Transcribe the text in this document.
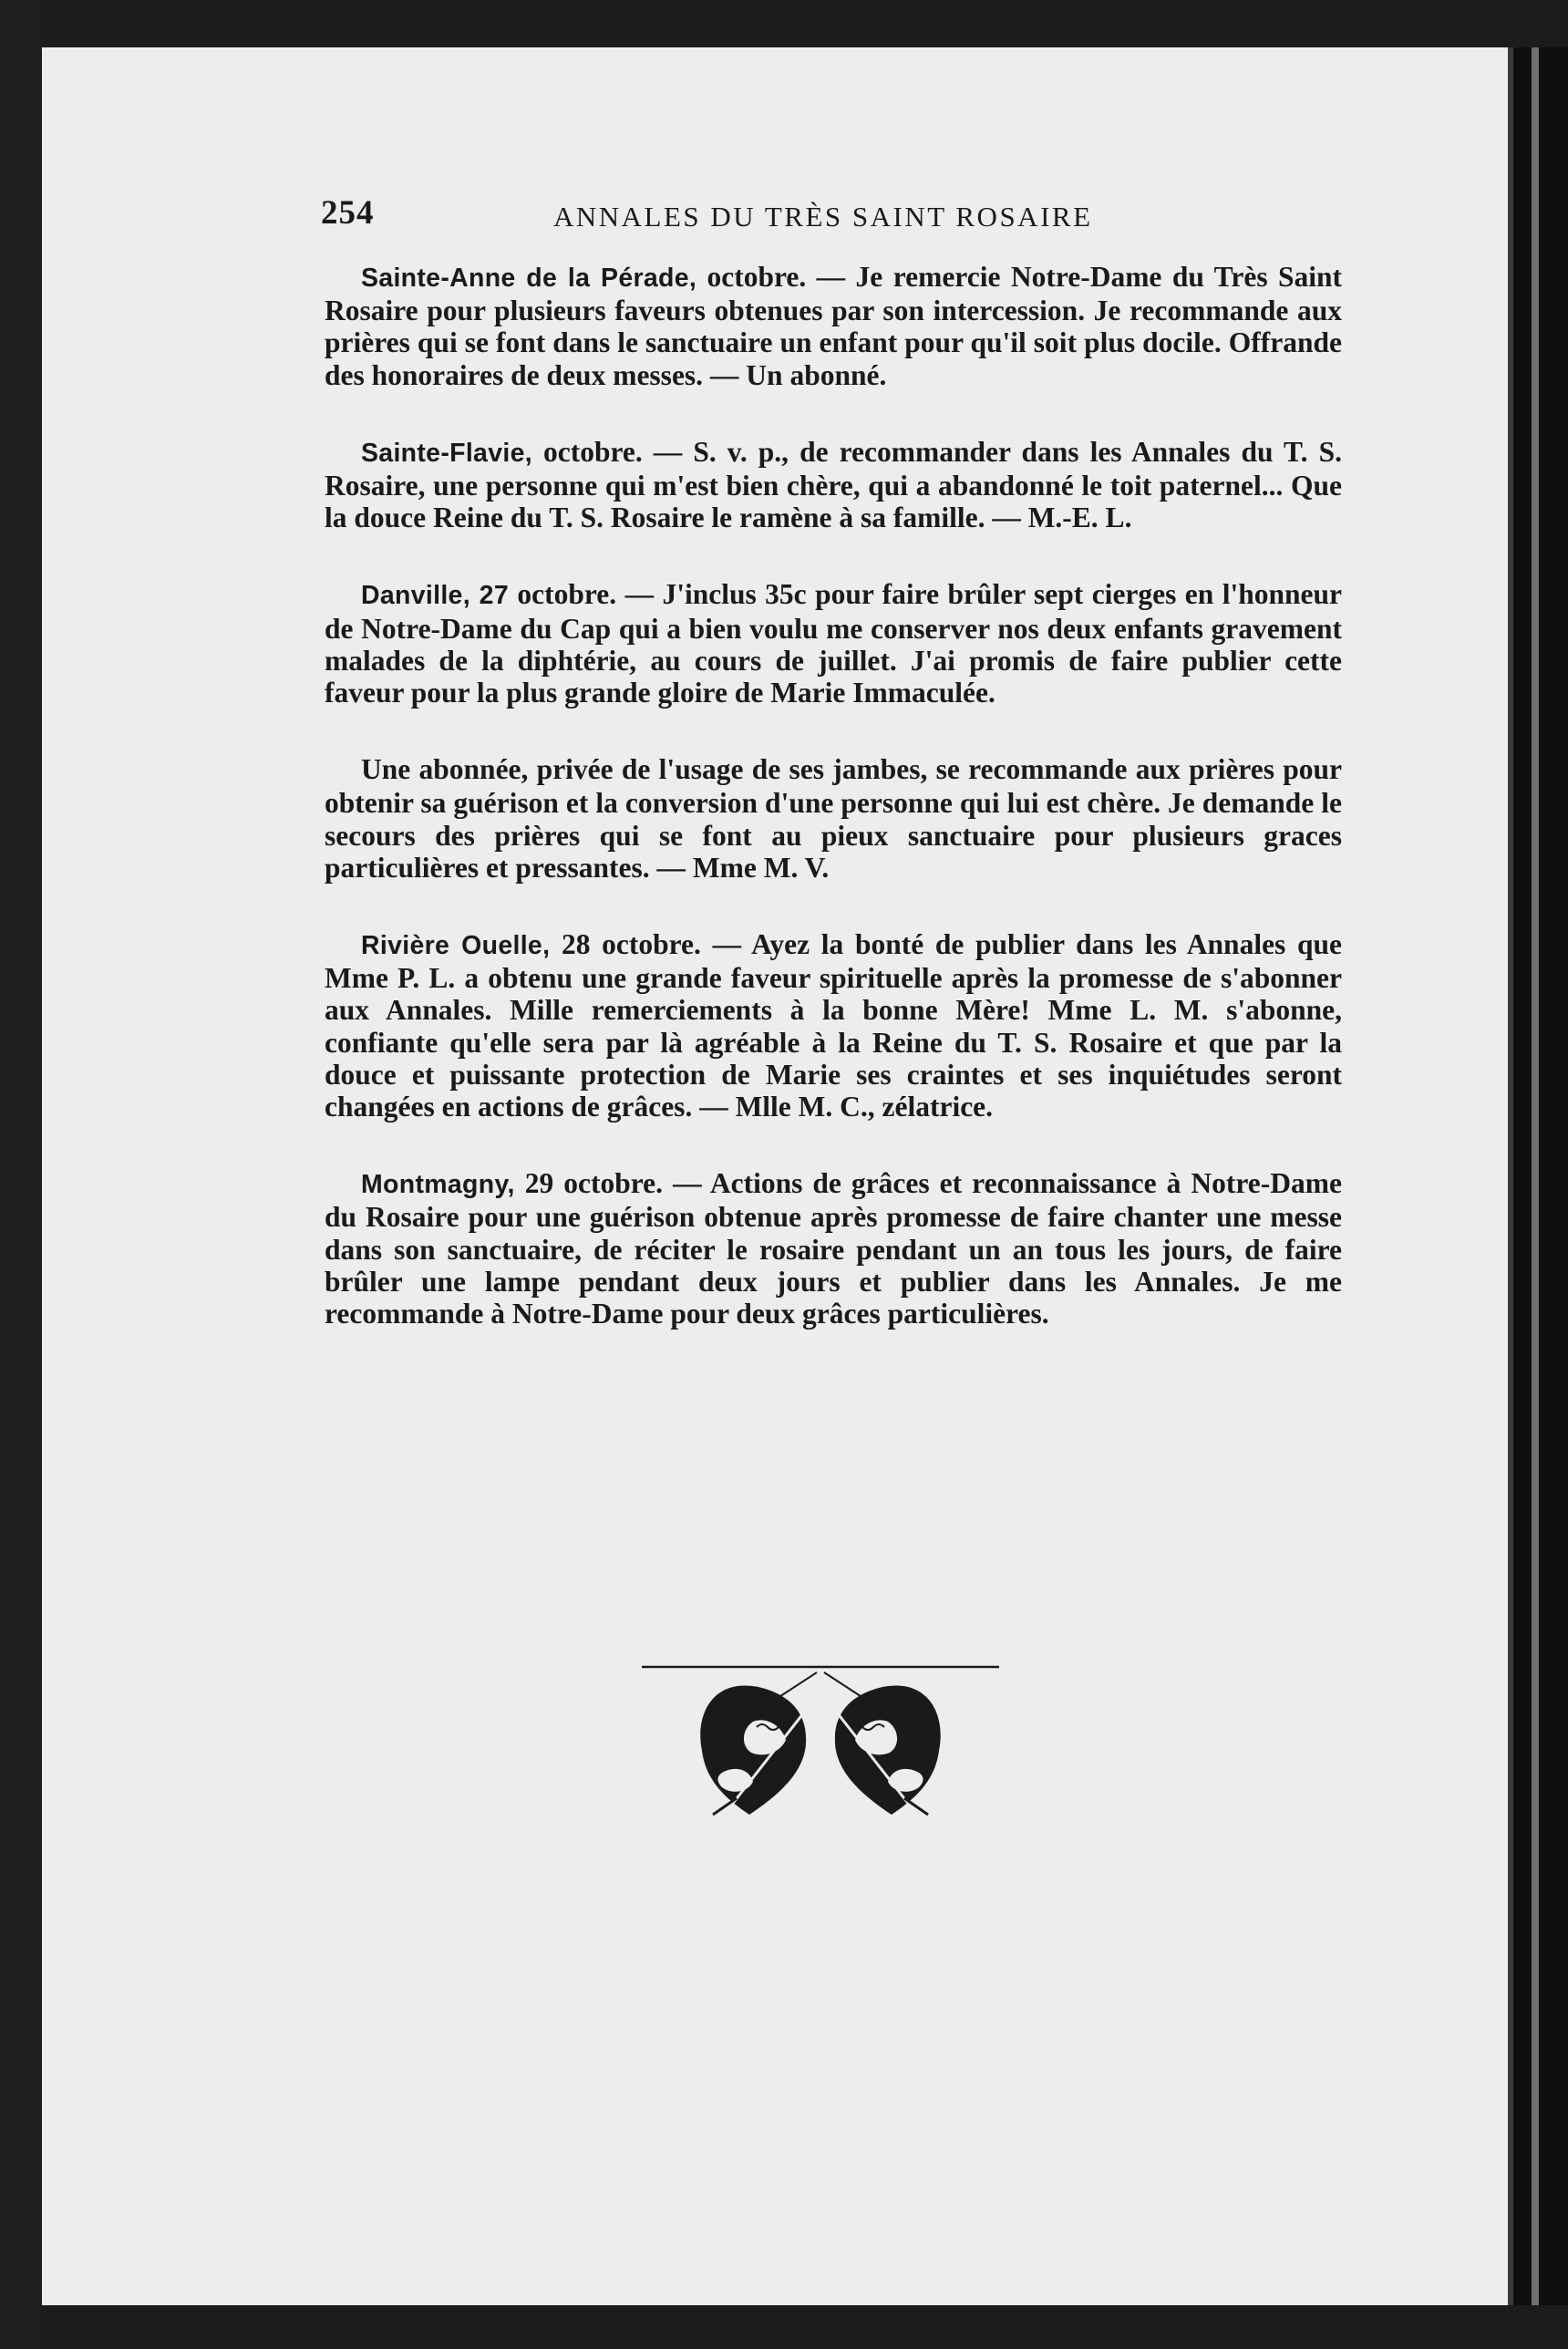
254	ANNALES DU TRÈS SAINT ROSAIRE

Sainte-Anne de la Pérade, octobre. — Je remercie Notre-Dame du Très Saint Rosaire pour plusieurs faveurs obtenues par son intercession. Je recommande aux prières qui se font dans le sanctuaire un enfant pour qu'il soit plus docile. Offrande des honoraires de deux messes. — Un abonné.

Sainte-Flavie, octobre. — S. v. p., de recommander dans les Annales du T. S. Rosaire, une personne qui m'est bien chère, qui a abandonné le toit paternel... Que la douce Reine du T. S. Rosaire le ramène à sa famille. — M.-E. L.

Danville, 27 octobre. — J'inclus 35c pour faire brûler sept cierges en l'honneur de Notre-Dame du Cap qui a bien voulu me conserver nos deux enfants gravement malades de la diphtérie, au cours de juillet. J'ai promis de faire publier cette faveur pour la plus grande gloire de Marie Immaculée.

Une abonnée, privée de l'usage de ses jambes, se recommande aux prières pour obtenir sa guérison et la conversion d'une personne qui lui est chère. Je demande le secours des prières qui se font au pieux sanctuaire pour plusieurs graces particulières et pressantes. — Mme M. V.

Rivière Ouelle, 28 octobre. — Ayez la bonté de publier dans les Annales que Mme P. L. a obtenu une grande faveur spirituelle après la promesse de s'abonner aux Annales. Mille remerciements à la bonne Mère! Mme L. M. s'abonne, confiante qu'elle sera par là agréable à la Reine du T. S. Rosaire et que par la douce et puissante protection de Marie ses craintes et ses inquiétudes seront changées en actions de grâces. — Mlle M. C., zélatrice.

Montmagny, 29 octobre. — Actions de grâces et reconnaissance à Notre-Dame du Rosaire pour une guérison obtenue après promesse de faire chanter une messe dans son sanctuaire, de réciter le rosaire pendant un an tous les jours, de faire brûler une lampe pendant deux jours et publier dans les Annales. Je me recommande à Notre-Dame pour deux grâces particulières.
